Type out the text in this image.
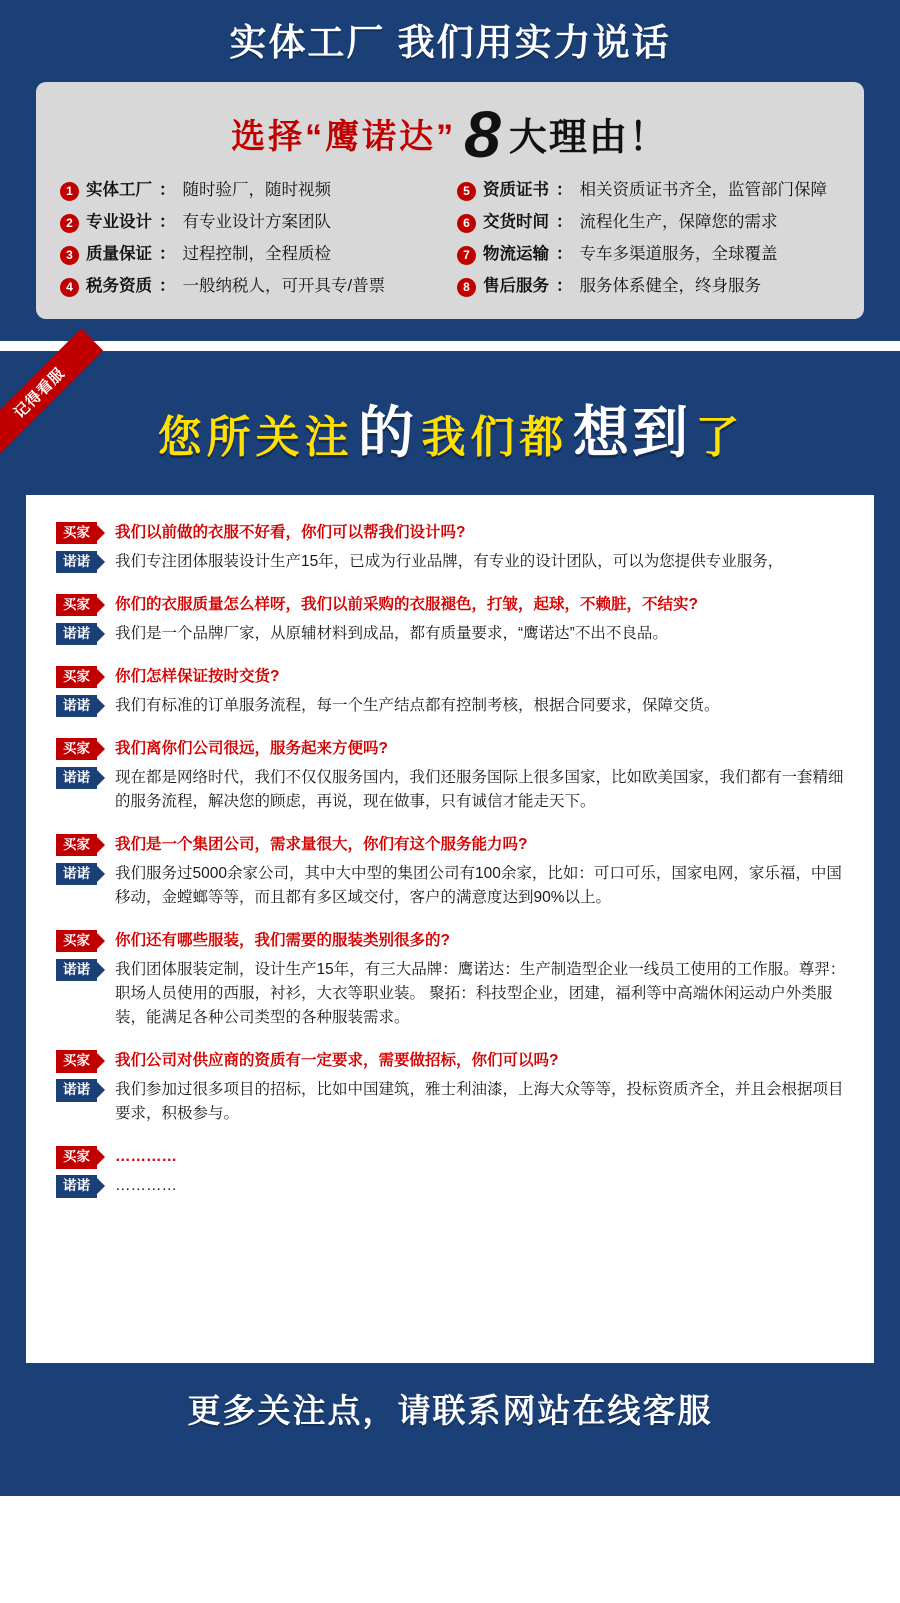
实体工厂 我们用实力说话
选择“鹰诺达” 8 大理由！
1 实体工厂 ： 随时验厂，随时视频	5 资质证书 ： 相关资质证书齐全，监管部门保障
2 专业设计 ： 有专业设计方案团队	6 交货时间 ： 流程化生产，保障您的需求
3 质量保证 ： 过程控制，全程质检	7 物流运输 ： 专车多渠道服务，全球覆盖
4 税务资质 ： 一般纳税人，可开具专/普票	8 售后服务 ： 服务体系健全，终身服务
记得看服
您所关注 的 我们都 想到 了
买家	我们以前做的衣服不好看，你们可以帮我们设计吗?
诺诺	我们专注团体服装设计生产15年，已成为行业品牌，有专业的设计团队，可以为您提供专业服务，
买家	你们的衣服质量怎么样呀，我们以前采购的衣服褪色，打皱，起球，不赖脏，不结实?
诺诺	我们是一个品牌厂家，从原辅材料到成品，都有质量要求，“鹰诺达”不出不良品。
买家	你们怎样保证按时交货?
诺诺	我们有标准的订单服务流程，每一个生产结点都有控制考核，根据合同要求，保障交货。
买家	我们离你们公司很远，服务起来方便吗?
诺诺	现在都是网络时代，我们不仅仅服务国内，我们还服务国际上很多国家，比如欧美国家，我们都有一套精细的服务流程，解决您的顾虑，再说，现在做事，只有诚信才能走天下。
买家	我们是一个集团公司，需求量很大，你们有这个服务能力吗?
诺诺	我们服务过5000余家公司，其中大中型的集团公司有100余家，比如：可口可乐，国家电网，家乐福，中国移动，金螳螂等等，而且都有多区域交付，客户的满意度达到90%以上。
买家	你们还有哪些服装，我们需要的服装类别很多的?
诺诺	我们团体服装定制，设计生产15年，有三大品牌：鹰诺达：生产制造型企业一线员工使用的工作服。尊羿：职场人员使用的西服，衬衫，大衣等职业装。 聚拓：科技型企业，团建，福利等中高端休闲运动户外类服装，能满足各种公司类型的各种服装需求。
买家	我们公司对供应商的资质有一定要求，需要做招标，你们可以吗?
诺诺	我们参加过很多项目的招标，比如中国建筑，雅士利油漆，上海大众等等，投标资质齐全，并且会根据项目要求，积极参与。
买家	…………
诺诺	…………
更多关注点，请联系网站在线客服
